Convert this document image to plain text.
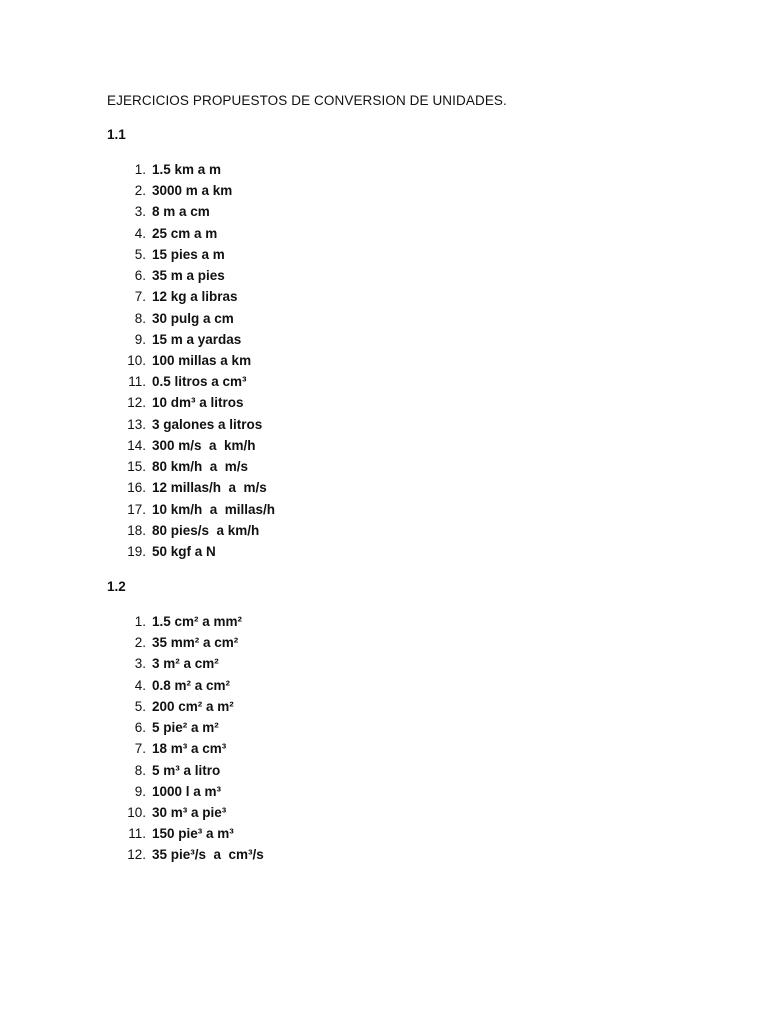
EJERCICIOS PROPUESTOS DE CONVERSION DE UNIDADES.
1.1
1. 1.5 km a m
2. 3000 m a km
3. 8 m a cm
4. 25 cm a m
5. 15 pies a m
6. 35 m a pies
7. 12 kg a libras
8. 30 pulg a cm
9. 15 m a yardas
10. 100 millas a km
11. 0.5 litros a cm³
12. 10 dm³ a litros
13. 3 galones a litros
14. 300 m/s  a  km/h
15. 80 km/h  a  m/s
16. 12 millas/h  a  m/s
17. 10 km/h  a  millas/h
18. 80 pies/s  a km/h
19. 50 kgf a N
1.2
1. 1.5 cm² a mm²
2. 35 mm² a cm²
3. 3 m² a cm²
4. 0.8 m² a cm²
5. 200 cm² a m²
6. 5 pie² a m²
7. 18 m³ a cm³
8. 5 m³ a litro
9. 1000 l a m³
10. 30 m³ a pie³
11. 150 pie³ a m³
12. 35 pie³/s  a  cm³/s
